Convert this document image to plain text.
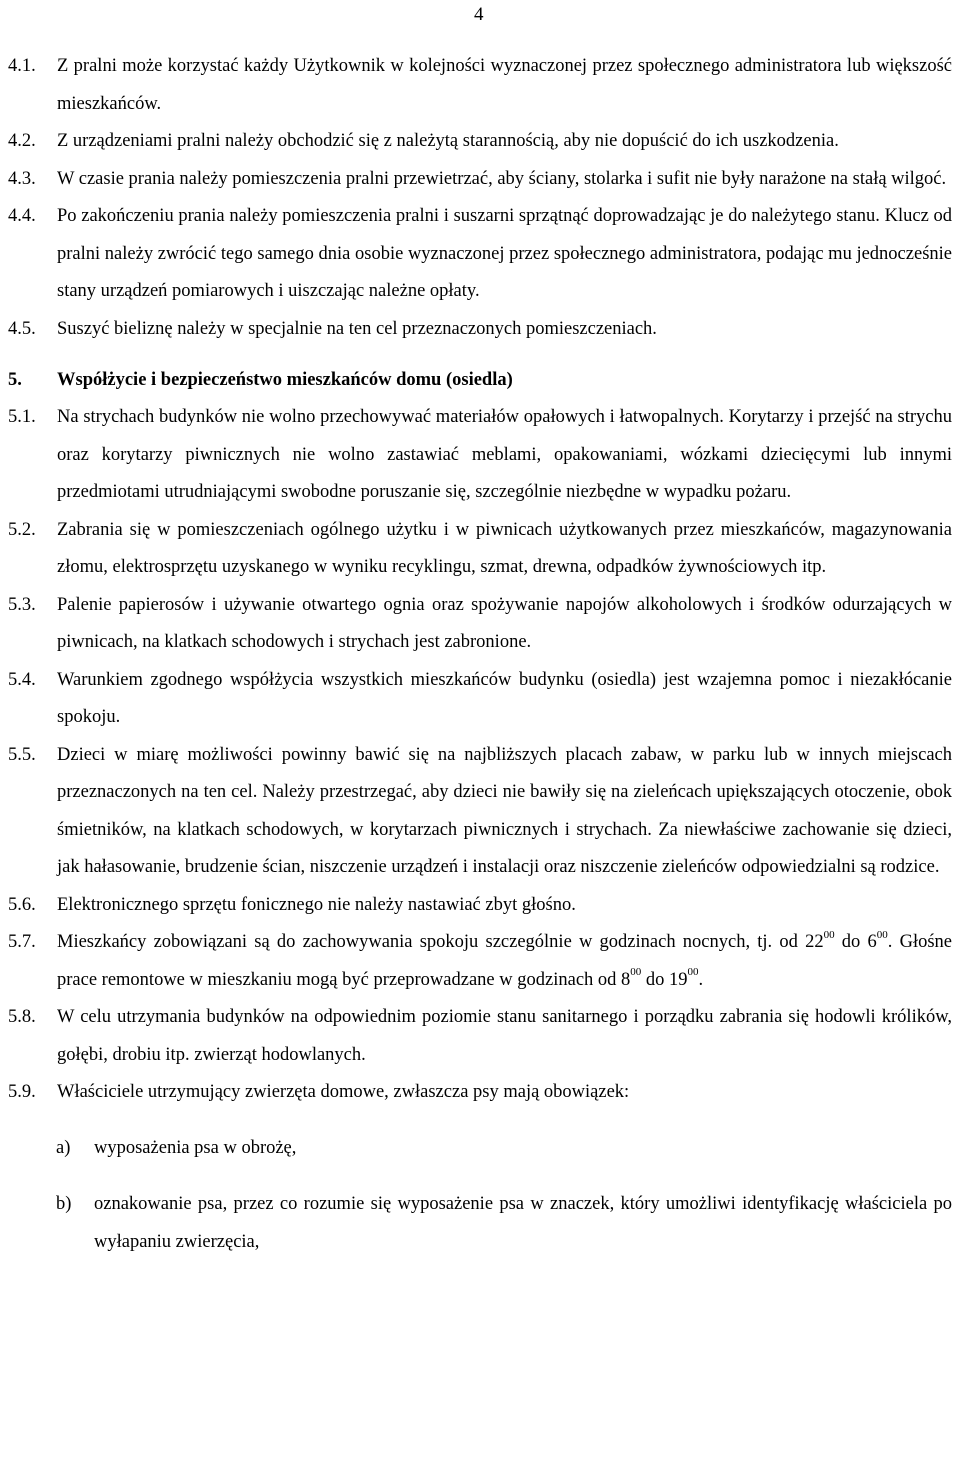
4

4.1. Z pralni może korzystać każdy Użytkownik w kolejności wyznaczonej przez społecznego administratora lub większość mieszkańców.

4.2. Z urządzeniami pralni należy obchodzić się z należytą starannością, aby nie dopuścić do ich uszkodzenia.

4.3. W czasie prania należy pomieszczenia pralni przewietrzać, aby ściany, stolarka i sufit nie były narażone na stałą wilgoć.

4.4. Po zakończeniu prania należy pomieszczenia pralni i suszarni sprzątnąć doprowadzając je do należytego stanu. Klucz od pralni należy zwrócić tego samego dnia osobie wyznaczonej przez społecznego administratora, podając mu jednocześnie stany urządzeń pomiarowych i uiszczając należne opłaty.

4.5. Suszyć bieliznę należy w specjalnie na ten cel przeznaczonych pomieszczeniach.

5. Współżycie i bezpieczeństwo mieszkańców domu (osiedla)

5.1. Na strychach budynków nie wolno przechowywać materiałów opałowych i łatwopalnych. Korytarzy i przejść na strychu oraz korytarzy piwnicznych nie wolno zastawiać meblami, opakowaniami, wózkami dziecięcymi lub innymi przedmiotami utrudniającymi swobodne poruszanie się, szczególnie niezbędne w wypadku pożaru.

5.2. Zabrania się w pomieszczeniach ogólnego użytku i w piwnicach użytkowanych przez mieszkańców, magazynowania złomu, elektrosprzętu uzyskanego w wyniku recyklingu, szmat, drewna, odpadków żywnościowych itp.

5.3. Palenie papierosów i używanie otwartego ognia oraz spożywanie napojów alkoholowych i środków odurzających w piwnicach, na klatkach schodowych i strychach jest zabronione.

5.4. Warunkiem zgodnego współżycia wszystkich mieszkańców budynku (osiedla) jest wzajemna pomoc i niezakłócanie spokoju.

5.5. Dzieci w miarę możliwości powinny bawić się na najbliższych placach zabaw, w parku lub w innych miejscach przeznaczonych na ten cel. Należy przestrzegać, aby dzieci nie bawiły się na zieleńcach upiększających otoczenie, obok śmietników, na klatkach schodowych, w korytarzach piwnicznych i strychach. Za niewłaściwe zachowanie się dzieci, jak hałasowanie, brudzenie ścian, niszczenie urządzeń i instalacji oraz niszczenie zieleńców odpowiedzialni są rodzice.

5.6. Elektronicznego sprzętu fonicznego nie należy nastawiać zbyt głośno.

5.7. Mieszkańcy zobowiązani są do zachowywania spokoju szczególnie w godzinach nocnych, tj. od $22^{00}$ do $6^{00}$. Głośne prace remontowe w mieszkaniu mogą być przeprowadzane w godzinach od $8^{00}$ do $19^{00}$.

5.8. W celu utrzymania budynków na odpowiednim poziomie stanu sanitarnego i porządku zabrania się hodowli królików, gołębi, drobiu itp. zwierząt hodowlanych.

5.9. Właściciele utrzymujący zwierzęta domowe, zwłaszcza psy mają obowiązek:

a) wyposażenia psa w obrożę,

b) oznakowanie psa, przez co rozumie się wyposażenie psa w znaczek, który umożliwi identyfikację właściciela po wyłapaniu zwierzęcia,
